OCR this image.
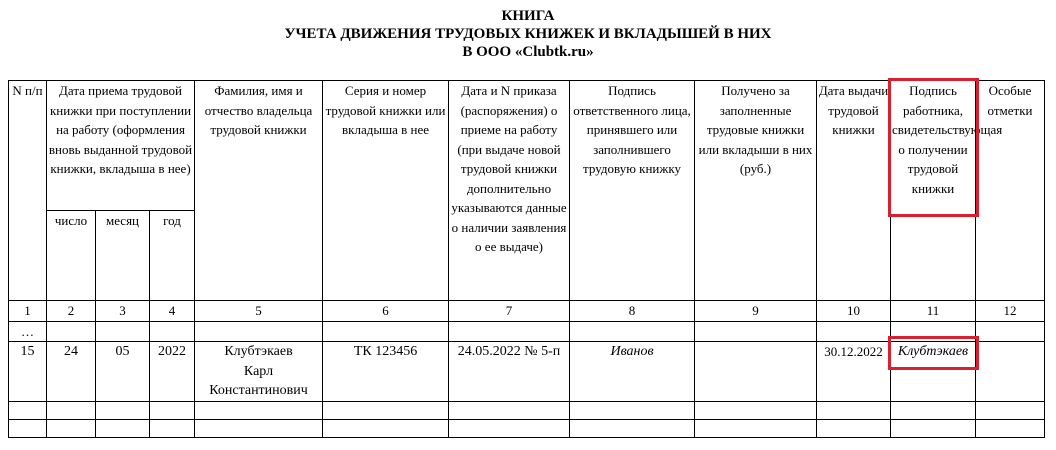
КНИГА
УЧЕТА ДВИЖЕНИЯ ТРУДОВЫХ КНИЖЕК И ВКЛАДЫШЕЙ В НИХ
В ООО «Clubtk.ru»
N п/п	Дата приема трудовой книжки при поступлении на работу (оформления вновь выданной трудовой книжки, вкладыша в нее)			Фамилия, имя и отчество владельца трудовой книжки	Серия и номер трудовой книжки или вкладыша в нее	Дата и N приказа (распоряжения) о приеме на работу (при выдаче новой трудовой книжки дополнительно указываются данные о наличии заявления о ее выдаче)	Подпись ответственного лица, принявшего или заполнившего трудовую книжку	Получено за заполненные трудовые книжки или вкладыши в них (руб.)	Дата выдачи трудовой книжки	Подпись работника, свидетельствующая о получении трудовой книжки	Особые отметки
	число	месяц	год								
1	2	3	4	5	6	7	8	9	10	11	12
…											
15	24	05	2022	Клубтэкаев
Карл
Константинович	ТК 123456	24.05.2022 № 5-п	Иванов		30.12.2022	Клубтэкаев	
